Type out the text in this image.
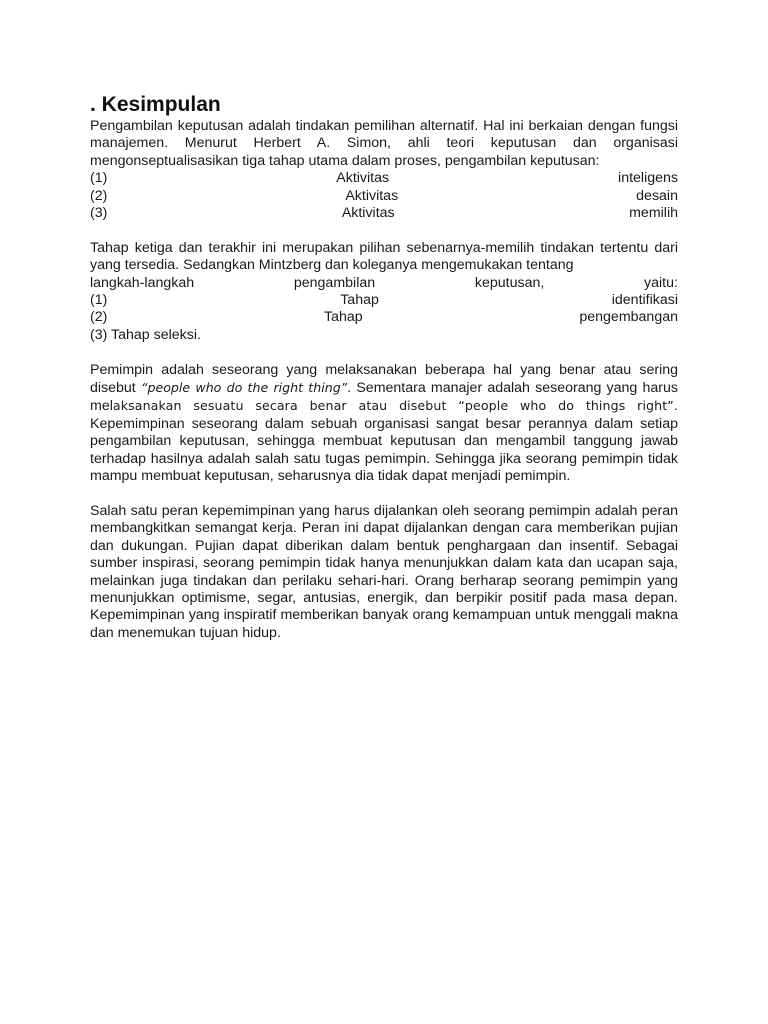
. Kesimpulan

Pengambilan keputusan adalah tindakan pemilihan alternatif. Hal ini berkaian dengan fungsi manajemen. Menurut Herbert A. Simon, ahli teori keputusan dan organisasi mengonseptualisasikan tiga tahap utama dalam proses, pengambilan keputusan:

(1)	Aktivitas	inteligens
(2)	Aktivitas	desain
(3)	Aktivitas	memilih

Tahap ketiga dan terakhir ini merupakan pilihan sebenarnya-memilih tindakan tertentu dari yang tersedia. Sedangkan Mintzberg dan koleganya mengemukakan tentang

langkah-langkah	pengambilan	keputusan,	yaitu:
(1)	Tahap	identifikasi
(2)	Tahap	pengembangan
(3) Tahap seleksi.

Pemimpin adalah seseorang yang melaksanakan beberapa hal yang benar atau sering disebut “people who do the right thing”. Sementara manajer adalah seseorang yang harus melaksanakan sesuatu secara benar atau disebut “people who do things right”. Kepemimpinan seseorang dalam sebuah organisasi sangat besar perannya dalam setiap pengambilan keputusan, sehingga membuat keputusan dan mengambil tanggung jawab terhadap hasilnya adalah salah satu tugas pemimpin. Sehingga jika seorang pemimpin tidak mampu membuat keputusan, seharusnya dia tidak dapat menjadi pemimpin.

Salah satu peran kepemimpinan yang harus dijalankan oleh seorang pemimpin adalah peran membangkitkan semangat kerja. Peran ini dapat dijalankan dengan cara memberikan pujian dan dukungan. Pujian dapat diberikan dalam bentuk penghargaan dan insentif. Sebagai sumber inspirasi, seorang pemimpin tidak hanya menunjukkan dalam kata dan ucapan saja, melainkan juga tindakan dan perilaku sehari-hari. Orang berharap seorang pemimpin yang menunjukkan optimisme, segar, antusias, energik, dan berpikir positif pada masa depan. Kepemimpinan yang inspiratif memberikan banyak orang kemampuan untuk menggali makna dan menemukan tujuan hidup.
